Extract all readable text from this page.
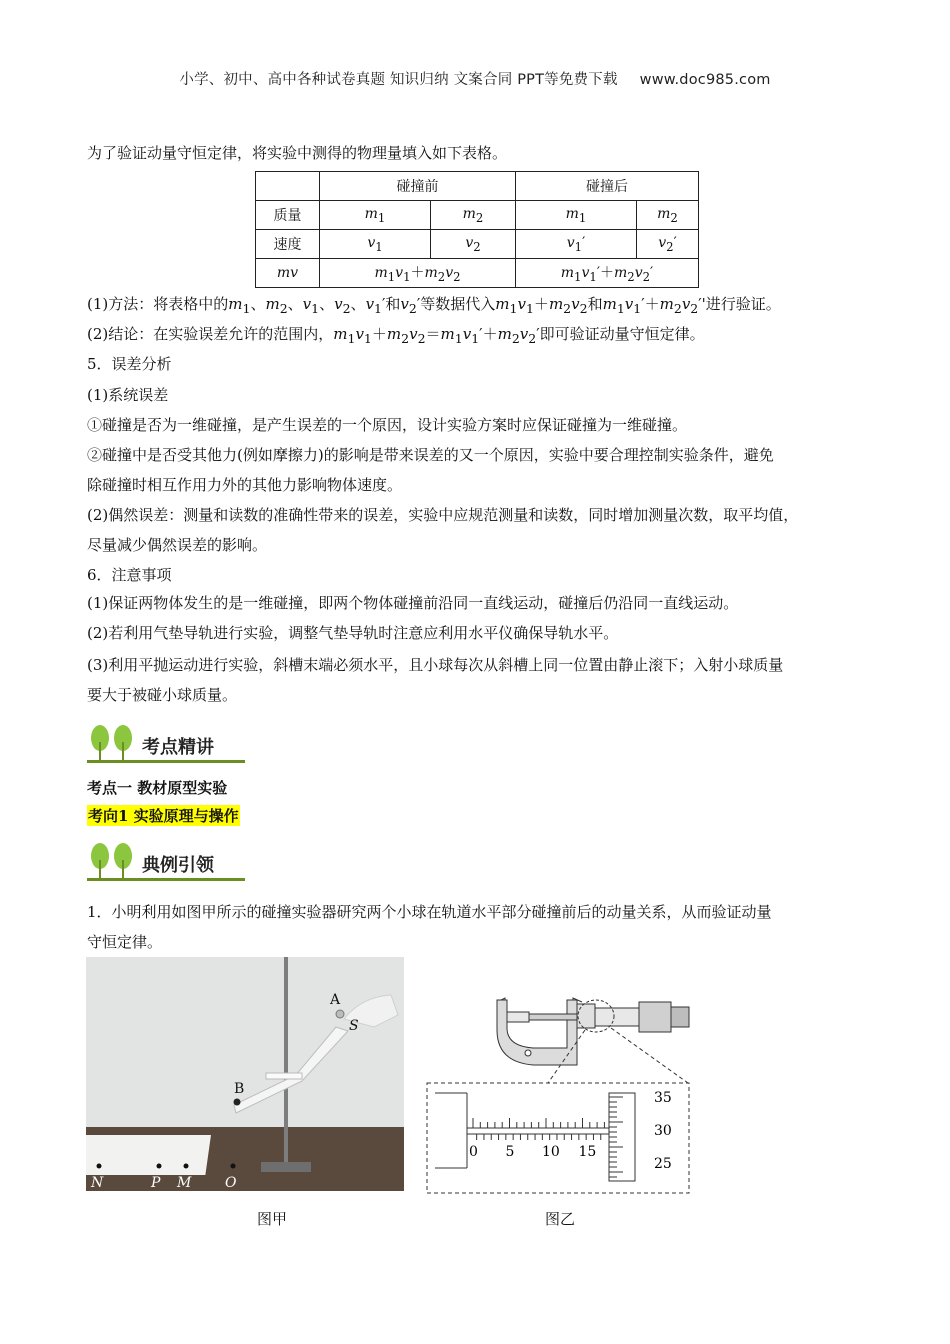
小学、初中、高中各种试卷真题 知识归纳 文案合同 PPT等免费下载 www.doc985.com
为了验证动量守恒定律，将实验中测得的物理量填入如下表格。
	碰撞前		碰撞后	
质量	$m_1$	$m_2$	$m_1$	$m_2$
速度	$v_1$	$v_2$	$v_1'$	$v_2'$
mv	$m_1v_1+m_2v_2$		$m_1v_1'+m_2v_2'$	
(1)方法：将表格中的$m_1$、$m_2$、$v_1$、$v_2$、$v_1'$和$v_2'$等数据代入$m_1v_1+m_2v_2$和$m_1v_1'+m_2v_2''$进行验证。
(2)结论：在实验误差允许的范围内，$m_1v_1+m_2v_2=m_1v_1'+m_2v_2'$即可验证动量守恒定律。
5．误差分析
(1)系统误差
①碰撞是否为一维碰撞，是产生误差的一个原因，设计实验方案时应保证碰撞为一维碰撞。
②碰撞中是否受其他力(例如摩擦力)的影响是带来误差的又一个原因，实验中要合理控制实验条件，避免
除碰撞时相互作用力外的其他力影响物体速度。
(2)偶然误差：测量和读数的准确性带来的误差，实验中应规范测量和读数，同时增加测量次数，取平均值，
尽量减少偶然误差的影响。
6．注意事项
(1)保证两物体发生的是一维碰撞，即两个物体碰撞前沿同一直线运动，碰撞后仍沿同一直线运动。
(2)若利用气垫导轨进行实验，调整气垫导轨时注意应利用水平仪确保导轨水平。
(3)利用平抛运动进行实验，斜槽末端必须水平，且小球每次从斜槽上同一位置由静止滚下；入射小球质量
要大于被碰小球质量。
考点精讲
考点一 教材原型实验
考向1 实验原理与操作
典例引领
1．小明利用如图甲所示的碰撞实验器研究两个小球在轨道水平部分碰撞前后的动量关系，从而验证动量
守恒定律。
B
A
S
N	P M O
0 5 10 15
35
30
25
图甲	图乙
